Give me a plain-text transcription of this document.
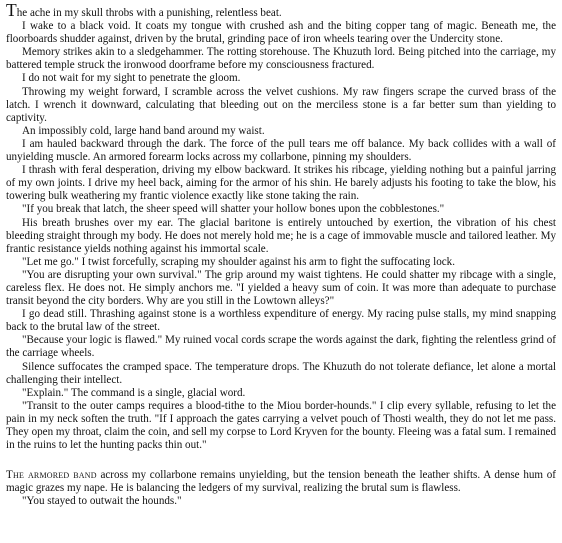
The ache in my skull throbs with a punishing, relentless beat.

I wake to a black void. It coats my tongue with crushed ash and the biting copper tang of magic. Beneath me, the floorboards shudder against, driven by the brutal, grinding pace of iron wheels tearing over the Undercity stone.

Memory strikes akin to a sledgehammer. The rotting storehouse. The Khuzuth lord. Being pitched into the carriage, my battered temple struck the ironwood doorframe before my consciousness fractured.

I do not wait for my sight to penetrate the gloom.

Throwing my weight forward, I scramble across the velvet cushions. My raw fingers scrape the curved brass of the latch. I wrench it downward, calculating that bleeding out on the merciless stone is a far better sum than yielding to captivity.

An impossibly cold, large hand band around my waist.

I am hauled backward through the dark. The force of the pull tears me off balance. My back collides with a wall of unyielding muscle. An armored forearm locks across my collarbone, pinning my shoulders.

I thrash with feral desperation, driving my elbow backward. It strikes his ribcage, yielding nothing but a painful jarring of my own joints. I drive my heel back, aiming for the armor of his shin. He barely adjusts his footing to take the blow, his towering bulk weathering my frantic violence exactly like stone taking the rain.

"If you break that latch, the sheer speed will shatter your hollow bones upon the cobblestones."

His breath brushes over my ear. The glacial baritone is entirely untouched by exertion, the vibration of his chest bleeding straight through my body. He does not merely hold me; he is a cage of immovable muscle and tailored leather. My frantic resistance yields nothing against his immortal scale.

"Let me go." I twist forcefully, scraping my shoulder against his arm to fight the suffocating lock.

"You are disrupting your own survival." The grip around my waist tightens. He could shatter my ribcage with a single, careless flex. He does not. He simply anchors me. "I yielded a heavy sum of coin. It was more than adequate to purchase transit beyond the city borders. Why are you still in the Lowtown alleys?"

I go dead still. Thrashing against stone is a worthless expenditure of energy. My racing pulse stalls, my mind snapping back to the brutal law of the street.

"Because your logic is flawed." My ruined vocal cords scrape the words against the dark, fighting the relentless grind of the carriage wheels.

Silence suffocates the cramped space. The temperature drops. The Khuzuth do not tolerate defiance, let alone a mortal challenging their intellect.

"Explain." The command is a single, glacial word.

"Transit to the outer camps requires a blood-tithe to the Miou border-hounds." I clip every syllable, refusing to let the pain in my neck soften the truth. "If I approach the gates carrying a velvet pouch of Thosti wealth, they do not let me pass. They open my throat, claim the coin, and sell my corpse to Lord Kryven for the bounty. Fleeing was a fatal sum. I remained in the ruins to let the hunting packs thin out."

The armored band across my collarbone remains unyielding, but the tension beneath the leather shifts. A dense hum of magic grazes my nape. He is balancing the ledgers of my survival, realizing the brutal sum is flawless.

"You stayed to outwait the hounds."
